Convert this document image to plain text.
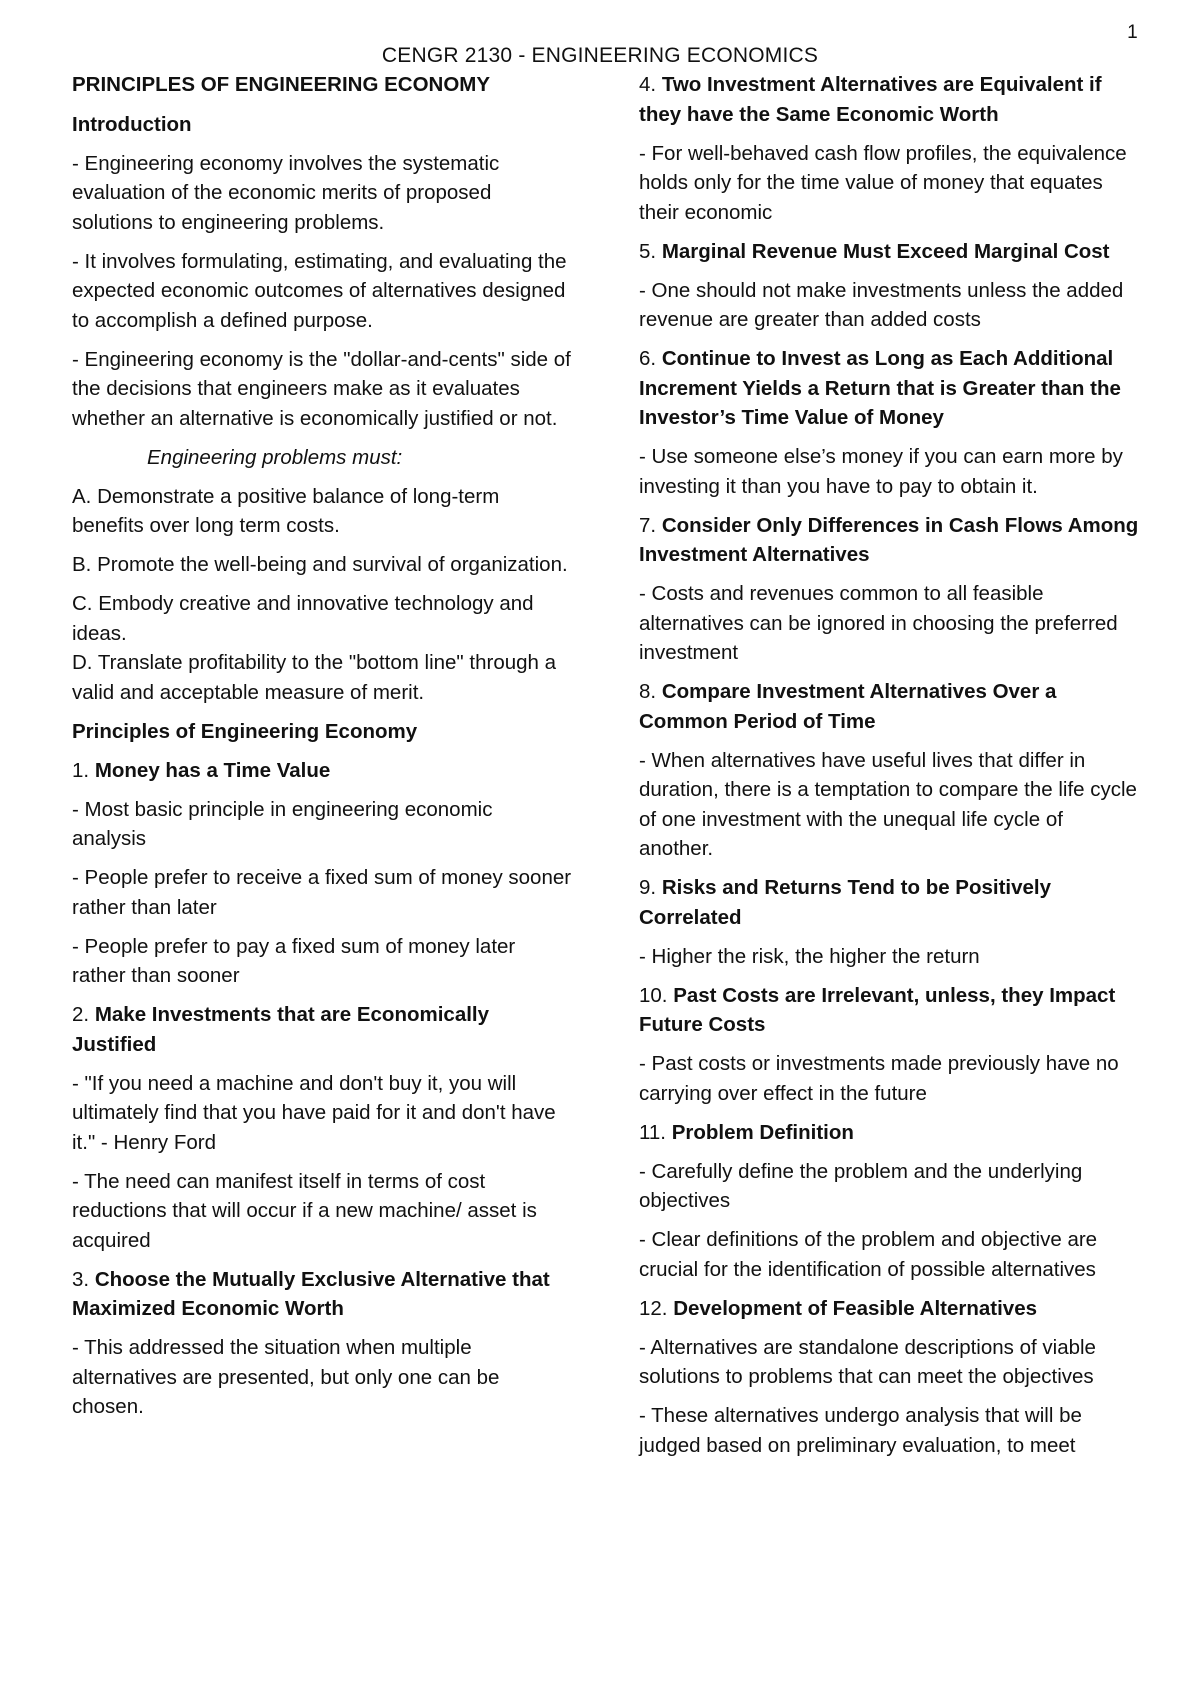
1
CENGR 2130 - ENGINEERING ECONOMICS

PRINCIPLES OF ENGINEERING ECONOMY

Introduction

- Engineering economy involves the systematic evaluation of the economic merits of proposed solutions to engineering problems.

- It involves formulating, estimating, and evaluating the expected economic outcomes of alternatives designed to accomplish a defined purpose.

- Engineering economy is the "dollar-and-cents" side of the decisions that engineers make as it evaluates whether an alternative is economically justified or not.

Engineering problems must:

A. Demonstrate a positive balance of long-term benefits over long term costs.

B. Promote the well-being and survival of organization.

C. Embody creative and innovative technology and ideas.

D. Translate profitability to the "bottom line" through a valid and acceptable measure of merit.

Principles of Engineering Economy

1. Money has a Time Value

- Most basic principle in engineering economic analysis

- People prefer to receive a fixed sum of money sooner rather than later

- People prefer to pay a fixed sum of money later rather than sooner

2. Make Investments that are Economically Justified

- "If you need a machine and don't buy it, you will ultimately find that you have paid for it and don't have it." - Henry Ford

- The need can manifest itself in terms of cost reductions that will occur if a new machine/ asset is acquired

3. Choose the Mutually Exclusive Alternative that Maximized Economic Worth

- This addressed the situation when multiple alternatives are presented, but only one can be chosen.

4. Two Investment Alternatives are Equivalent if they have the Same Economic Worth

- For well-behaved cash flow profiles, the equivalence holds only for the time value of money that equates their economic

5. Marginal Revenue Must Exceed Marginal Cost

- One should not make investments unless the added revenue are greater than added costs

6. Continue to Invest as Long as Each Additional Increment Yields a Return that is Greater than the Investor’s Time Value of Money

- Use someone else’s money if you can earn more by investing it than you have to pay to obtain it.

7. Consider Only Differences in Cash Flows Among Investment Alternatives

- Costs and revenues common to all feasible alternatives can be ignored in choosing the preferred investment

8. Compare Investment Alternatives Over a Common Period of Time

- When alternatives have useful lives that differ in duration, there is a temptation to compare the life cycle of one investment with the unequal life cycle of another.

9. Risks and Returns Tend to be Positively Correlated

- Higher the risk, the higher the return

10. Past Costs are Irrelevant, unless, they Impact Future Costs

- Past costs or investments made previously have no carrying over effect in the future

11. Problem Definition

- Carefully define the problem and the underlying objectives

- Clear definitions of the problem and objective are crucial for the identification of possible alternatives

12. Development of Feasible Alternatives

- Alternatives are standalone descriptions of viable solutions to problems that can meet the objectives

- These alternatives undergo analysis that will be judged based on preliminary evaluation, to meet
